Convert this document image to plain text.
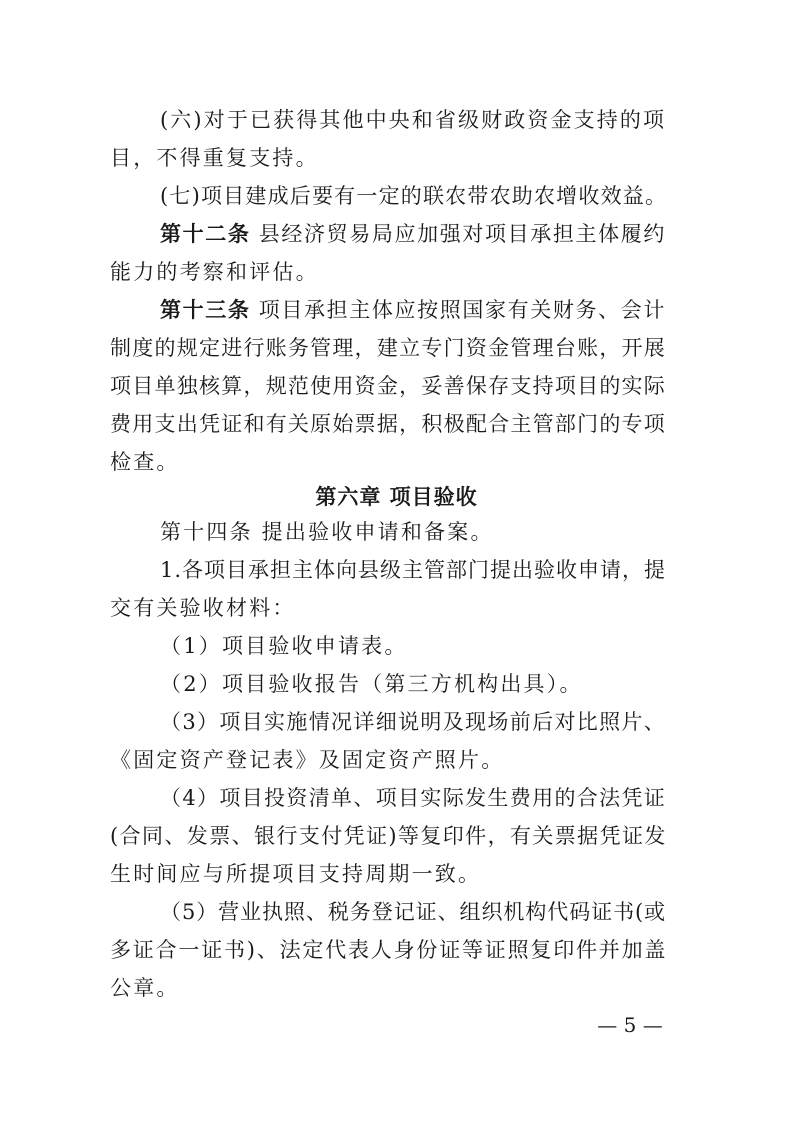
(六)对于已获得其他中央和省级财政资金支持的项
目，不得重复支持。
(七)项目建成后要有一定的联农带农助农增收效益。
第十二条 县经济贸易局应加强对项目承担主体履约
能力的考察和评估。
第十三条 项目承担主体应按照国家有关财务、会计
制度的规定进行账务管理，建立专门资金管理台账，开展
项目单独核算，规范使用资金，妥善保存支持项目的实际
费用支出凭证和有关原始票据，积极配合主管部门的专项
检查。
第六章 项目验收
第十四条 提出验收申请和备案。
1.各项目承担主体向县级主管部门提出验收申请，提
交有关验收材料：
（1）项目验收申请表。
（2）项目验收报告（第三方机构出具）。
（3）项目实施情况详细说明及现场前后对比照片、
《固定资产登记表》及固定资产照片。
（4）项目投资清单、项目实际发生费用的合法凭证
(合同、发票、银行支付凭证)等复印件，有关票据凭证发
生时间应与所提项目支持周期一致。
（5）营业执照、税务登记证、组织机构代码证书(或
多证合一证书)、法定代表人身份证等证照复印件并加盖
公章。
— 5 —
